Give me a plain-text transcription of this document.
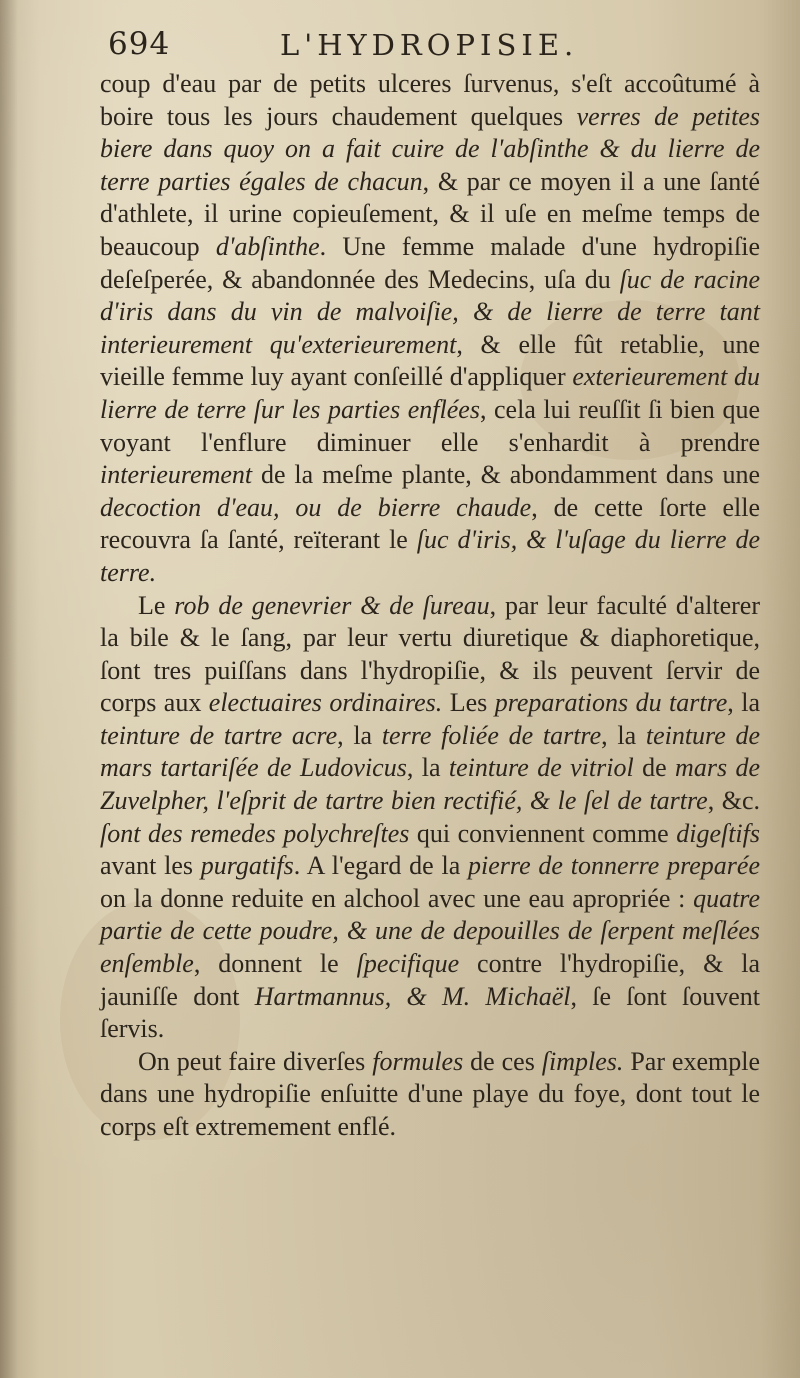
694	L'HYDROPISIE.

coup d'eau par de petits ulceres ſurvenus, s'eſt accoûtumé à boire tous les jours chaudement quelques verres de petites biere dans quoy on a fait cuire de l'abſinthe & du lierre de terre parties égales de chacun, & par ce moyen il a une ſanté d'athlete, il urine copieuſement, & il uſe en meſme temps de beaucoup d'abſinthe. Une femme malade d'une hydropiſie deſeſperée, & abandonnée des Medecins, uſa du ſuc de racine d'iris dans du vin de malvoiſie, & de lierre de terre tant interieurement qu'exterieurement, & elle fût retablie, une vieille femme luy ayant conſeillé d'appliquer exterieurement du lierre de terre ſur les parties enflées, cela lui reuſſit ſi bien que voyant l'enflure diminuer elle s'enhardit à prendre interieurement de la meſme plante, & abondamment dans une decoction d'eau, ou de bierre chaude, de cette ſorte elle recouvra ſa ſanté, reïterant le ſuc d'iris, & l'uſage du lierre de terre.

Le rob de genevrier & de ſureau, par leur faculté d'alterer la bile & le ſang, par leur vertu diuretique & diaphoretique, ſont tres puiſſans dans l'hydropiſie, & ils peuvent ſervir de corps aux electuaires ordinaires. Les preparations du tartre, la teinture de tartre acre, la terre foliée de tartre, la teinture de mars tartariſée de Ludovicus, la teinture de vitriol de mars de Zuvelpher, l'eſprit de tartre bien rectifié, & le ſel de tartre, &c. ſont des remedes polychreſtes qui conviennent comme digeſtifs avant les purgatifs. A l'egard de la pierre de tonnerre preparée on la donne reduite en alchool avec une eau apropriée : quatre partie de cette poudre, & une de depouilles de ſerpent meſlées enſemble, donnent le ſpecifique contre l'hydropiſie, & la jauniſſe dont Hartmannus, & M. Michaël, ſe ſont ſouvent ſervis.

On peut faire diverſes formules de ces ſimples. Par exemple dans une hydropiſie enſuitte d'une playe du foye, dont tout le corps eſt extremement enflé.
